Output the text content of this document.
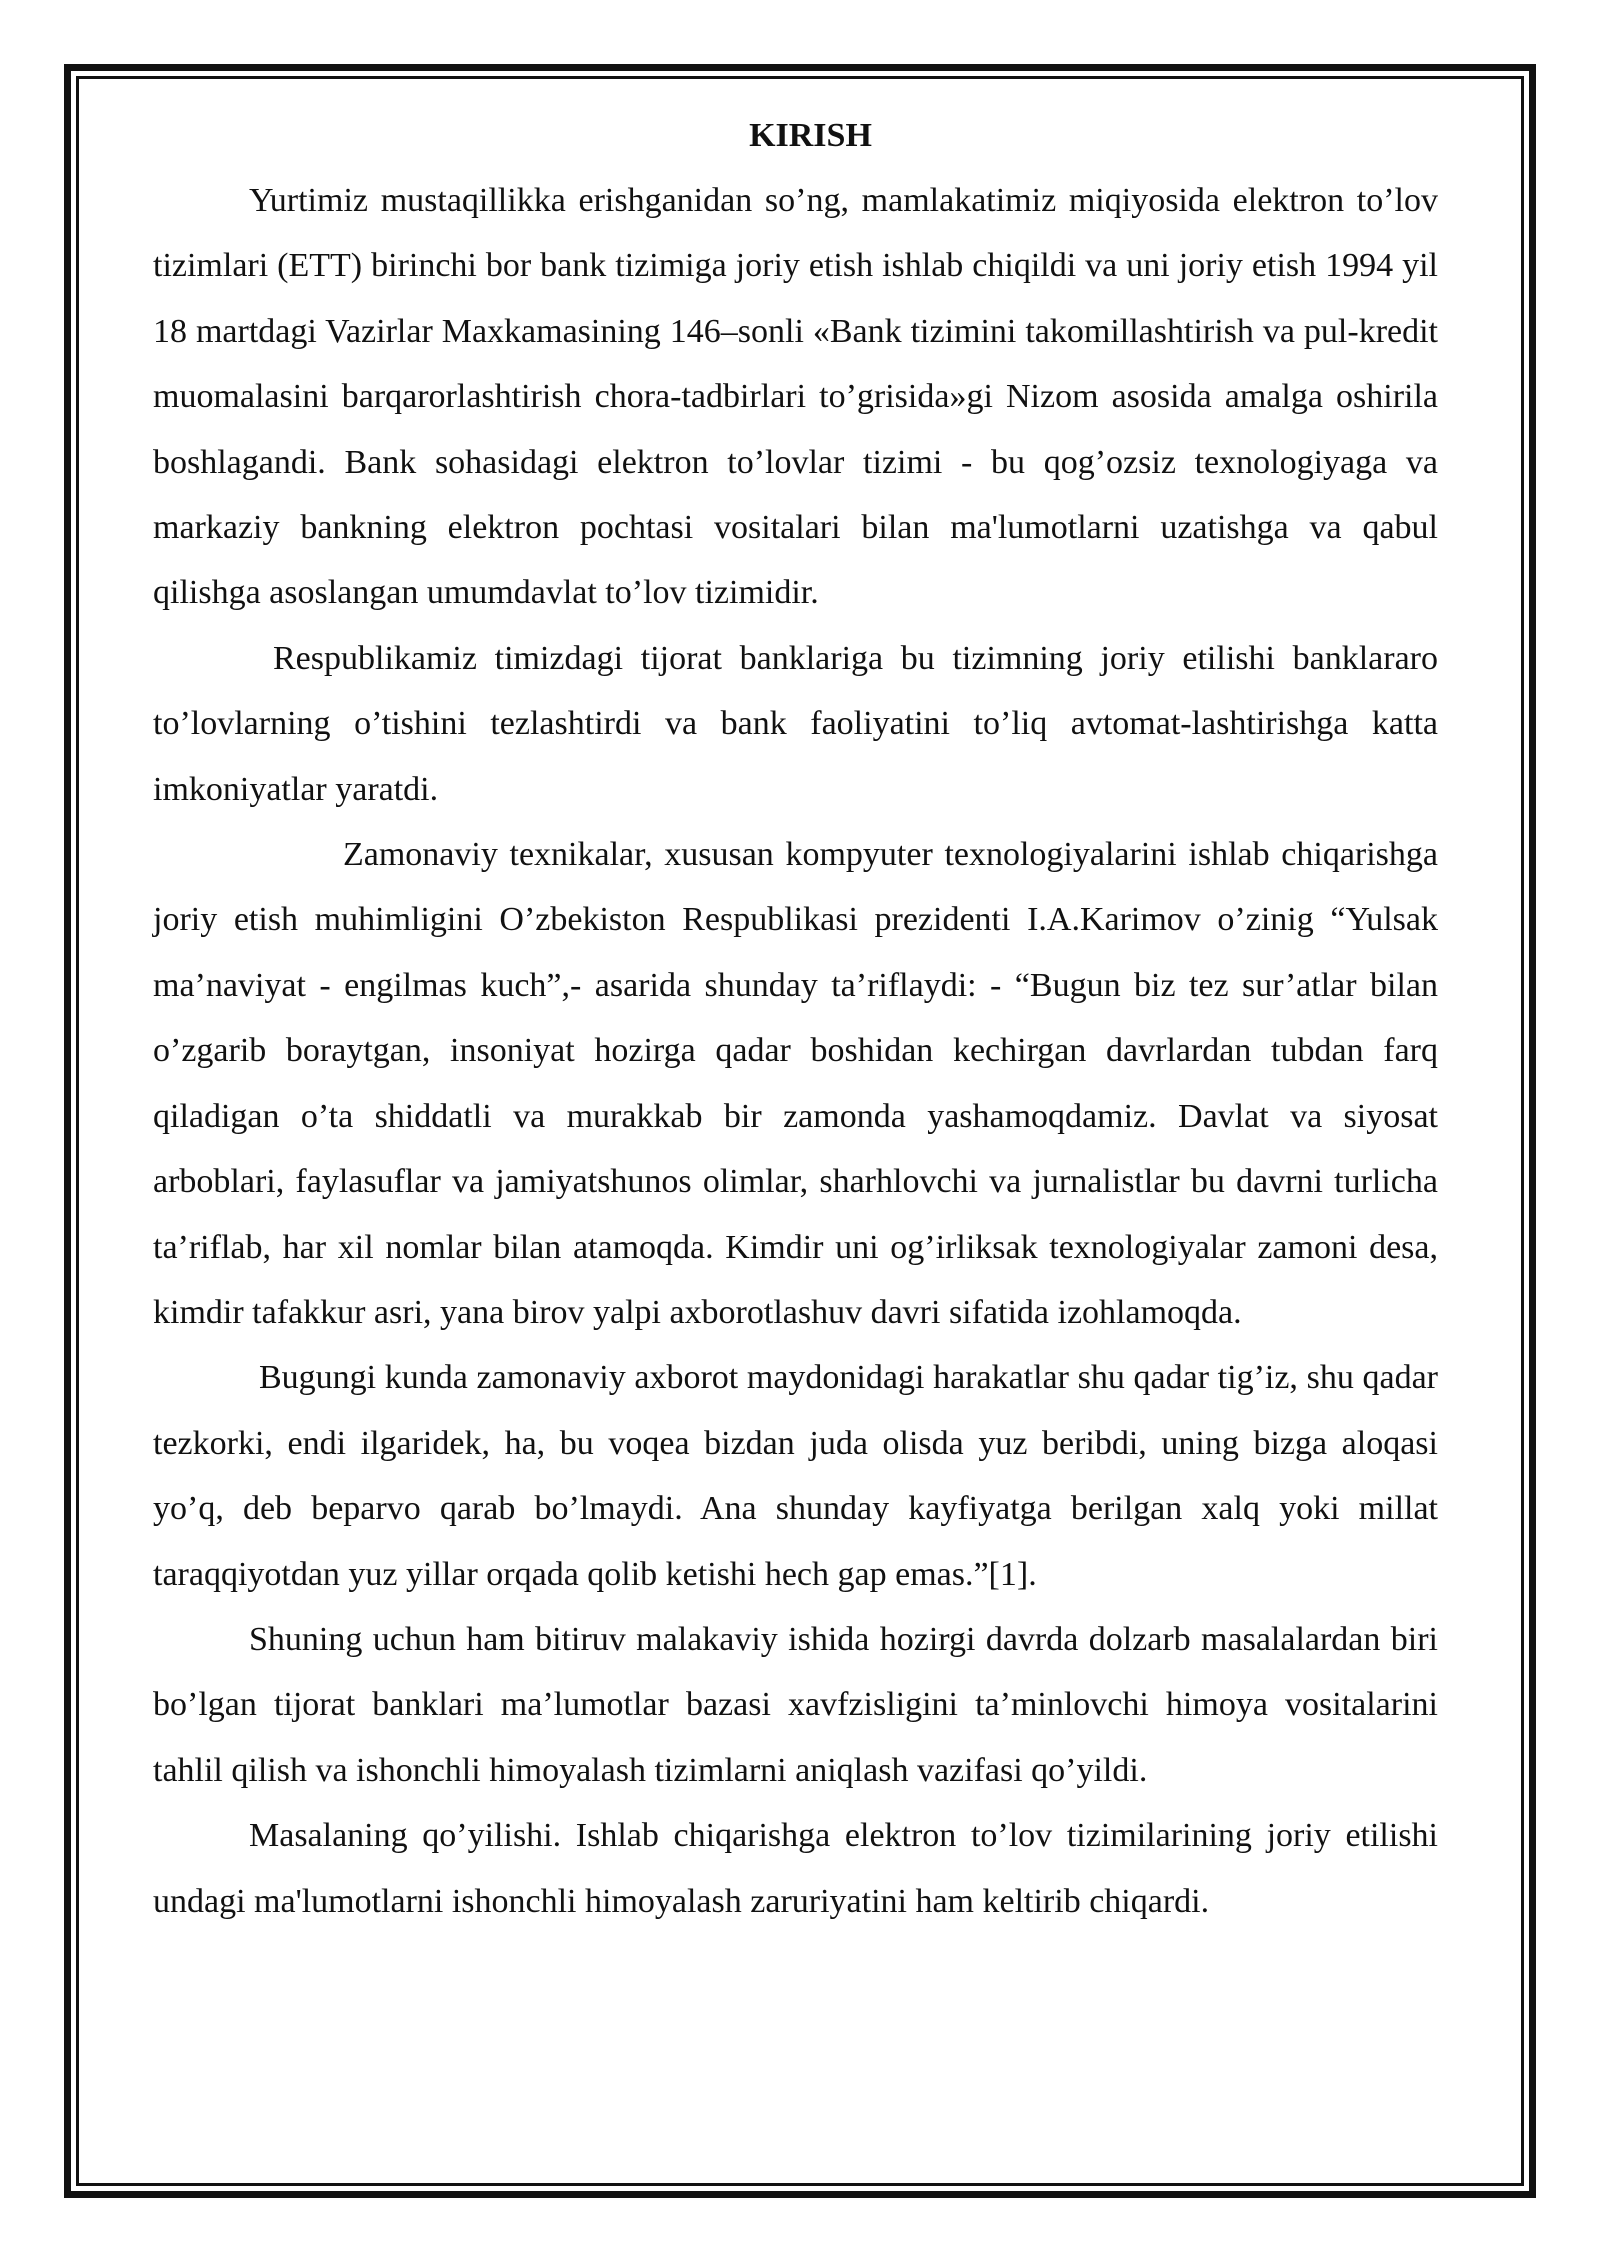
KIRISH

Yurtimiz mustaqillikka erishganidan so’ng, mamlakatimiz miqiyosida elektron to’lov tizimlari (ETT) birinchi bor bank tizimiga joriy etish ishlab chiqildi va uni joriy etish 1994 yil 18 martdagi Vazirlar Maxkamasining 146–sonli «Bank tizimini takomillashtirish va pul-kredit muomalasini barqarorlashtirish chora-tadbirlari to’grisida»gi Nizom asosida amalga oshirila boshlagandi. Bank sohasidagi elektron to’lovlar tizimi - bu qog’ozsiz texnologiyaga va markaziy bankning elektron pochtasi vositalari bilan ma'lumotlarni uzatishga va qabul qilishga asoslangan umumdavlat to’lov tizimidir.

Respublikamiz timizdagi tijorat banklariga bu tizimning joriy etilishi banklararo to’lovlarning o’tishini tezlashtirdi va bank faoliyatini to’liq avtomat-lashtirishga katta imkoniyatlar yaratdi.

Zamonaviy texnikalar, xususan kompyuter texnologiyalarini ishlab chiqarishga joriy etish muhimligini O’zbekiston Respublikasi prezidenti I.A.Karimov o’zinig “Yulsak ma’naviyat - engilmas kuch”,- asarida shunday ta’riflaydi: - “Bugun biz tez sur’atlar bilan o’zgarib boraytgan, insoniyat hozirga qadar boshidan kechirgan davrlardan tubdan farq qiladigan o’ta shiddatli va murakkab bir zamonda yashamoqdamiz. Davlat va siyosat arboblari, faylasuflar va jamiyatshunos olimlar, sharhlovchi va jurnalistlar bu davrni turlicha ta’riflab, har xil nomlar bilan atamoqda. Kimdir uni og’irliksak texnologiyalar zamoni desa, kimdir tafakkur asri, yana birov yalpi axborotlashuv davri sifatida izohlamoqda.

Bugungi kunda zamonaviy axborot maydonidagi harakatlar shu qadar tig’iz, shu qadar tezkorki, endi ilgaridek, ha, bu voqea bizdan juda olisda yuz beribdi, uning bizga aloqasi yo’q, deb beparvo qarab bo’lmaydi. Ana shunday kayfiyatga berilgan xalq yoki millat taraqqiyotdan yuz yillar orqada qolib ketishi hech gap emas.”[1].

Shuning uchun ham bitiruv malakaviy ishida hozirgi davrda dolzarb masalalardan biri bo’lgan tijorat banklari ma’lumotlar bazasi xavfzisligini ta’minlovchi himoya vositalarini tahlil qilish va ishonchli himoyalash tizimlarni aniqlash vazifasi qo’yildi.

Masalaning qo’yilishi. Ishlab chiqarishga elektron to’lov tizimilarining joriy etilishi undagi ma'lumotlarni ishonchli himoyalash zaruriyatini ham keltirib chiqardi.
